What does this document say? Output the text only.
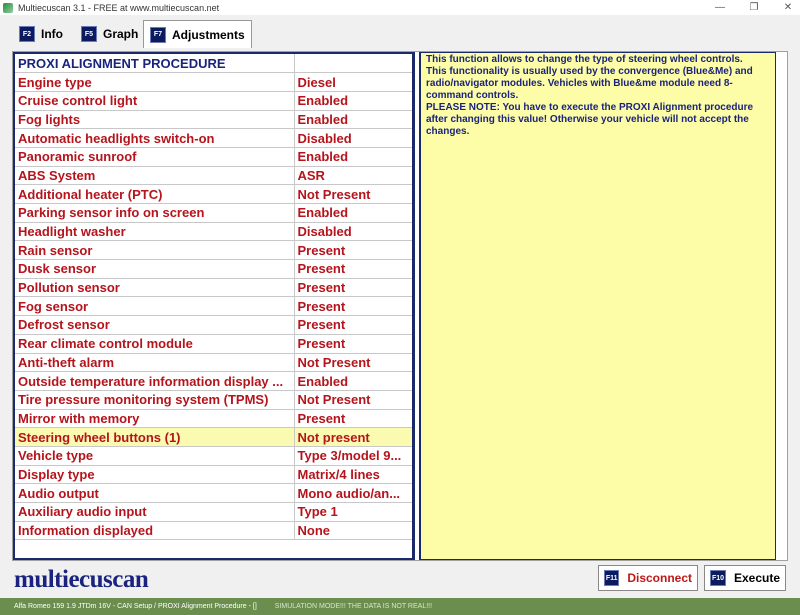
Multiecuscan 3.1 - FREE at www.multiecuscan.net	— ❐	✕
F2 Info	F5 Graph	F7 Adjustments
PROXI ALIGNMENT PROCEDURE	
Engine type	Diesel
Cruise control light	Enabled
Fog lights	Enabled
Automatic headlights switch-on	Disabled
Panoramic sunroof	Enabled
ABS System	ASR
Additional heater (PTC)	Not Present
Parking sensor info on screen	Enabled
Headlight washer	Disabled
Rain sensor	Present
Dusk sensor	Present
Pollution sensor	Present
Fog sensor	Present
Defrost sensor	Present
Rear climate control module	Present
Anti-theft alarm	Not Present
Outside temperature information display ...	Enabled
Tire pressure monitoring system (TPMS)	Not Present
Mirror with memory	Present
Steering wheel buttons (1)	Not present
Vehicle type	Type 3/model 9...
Display type	Matrix/4 lines
Audio output	Mono audio/an...
Auxiliary audio input	Type 1
Information displayed	None
This function allows to change the type of steering wheel controls.
This functionality is usually used by the convergence (Blue&Me) and radio/navigator modules. Vehicles with Blue&me module need 8-command controls.
PLEASE NOTE: You have to execute the PROXI Alignment procedure after changing this value! Otherwise your vehicle will not accept the changes.
multiecuscan	F11 Disconnect	F10 Execute
Alfa Romeo 159 1.9 JTDm 16V - CAN Setup / PROXI Alignment Procedure - []	SIMULATION MODE!!! THE DATA IS NOT REAL!!!
